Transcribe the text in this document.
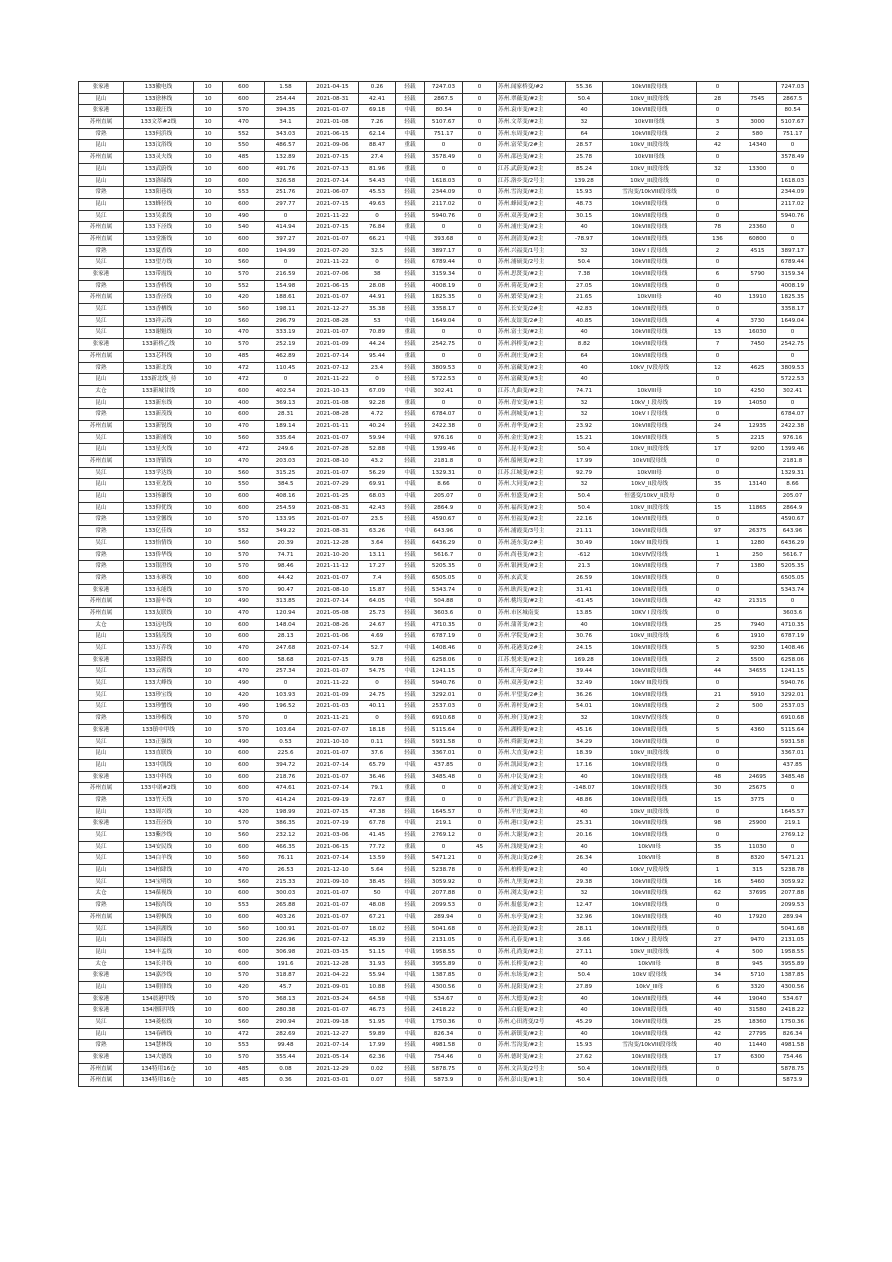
张家港	133徽电线	10	600	1.58	2021-04-15	0.26	轻载	7247.03	0	苏州.闻家桥变/#2	55.36	10kVIII段母线	0		7247.03
昆山	133徐林线	10	600	254.44	2021-08-31	42.41	轻载	2867.5	0	苏州.翠薇变/#2主	50.4	10kV_III段母线	28	7545	2867.5
张家港	133戴汪线	10	570	394.35	2021-01-07	69.18	中载	80.54	0	苏州.袁市变/#2主	40	10kVIII段母线	0		80.54
苏州直属	133文萃#2线	10	470	34.1	2021-01-08	7.26	轻载	5107.67	0	苏州.文萃变/#2主	32	10kVIII母线	3	3000	5107.67
常熟	133何浜线	10	552	343.03	2021-06-15	62.14	中载	751.17	0	苏州.东周变/#2主	64	10kVIII段母线	2	580	751.17
昆山	133汶浴线	10	550	486.57	2021-09-06	88.47	重载	0	0	苏州.富荣变/2#主	28.57	10kV_III段母线	42	14340	0
苏州直属	133灵夫线	10	485	132.89	2021-07-15	27.4	轻载	3578.49	0	苏州.邵邑变/#2主	25.78	10kVIII母线	0		3578.49
昆山	133武蔚线	10	600	491.76	2021-07-13	81.96	重载	0	0	江苏.武蔚变/#2主	85.24	10kV_III段母线	32	13300	0
昆山	133洛绿线	10	600	326.58	2021-07-14	54.43	中载	1618.03	0	江苏.洛乡变/2号主	139.28	10kV_III段母线	0		1618.03
常熟	133阳巷线	10	553	251.76	2021-06-07	45.53	轻载	2344.09	0	苏州.雪沟变/#2主	15.93	雪沟变/10kVIII段母线	0		2344.09
昆山	133蜂径线	10	600	297.77	2021-07-15	49.63	轻载	2117.02	0	苏州.蜂园变/#2主	48.73	10kVIII段母线	0		2117.02
吴江	133吴柔线	10	490	0	2021-11-22	0	轻载	5940.76	0	苏州.双善变/#2主	30.15	10kVIII段母线	0		5940.76
苏州直属	133下泾线	10	540	414.94	2021-07-15	76.84	重载	0	0	苏州.浦庄变/#2主	40	10kVIII段母线	78	23360	0
苏州直属	133堂渐线	10	600	397.27	2021-01-07	66.21	中载	393.68	0	苏州.润清变/#2主	-78.97	10kVIII段母线	136	60800	0
常熟	133夏香线	10	600	194.99	2021-07-20	32.5	轻载	3897.17	0	苏州.兴福变/1号主	32	10kV I 段母线	2	4515	3897.17
吴江	133望方线	10	560	0	2021-11-22	0	轻载	6789.44	0	苏州.浦硕变/2号主	50.4	10kVIII段母线	0		6789.44
张家港	133带霞线	10	570	216.59	2021-07-06	38	轻载	3159.34	0	苏州.思贤变/#2主	7.38	10kVIII段母线	6	5790	3159.34
常熟	133香桥线	10	552	154.98	2021-06-15	28.08	轻载	4008.19	0	苏州.荷花变/#2主	27.05	10kVIII段母线	0		4008.19
苏州直属	133香泾线	10	420	188.61	2021-01-07	44.91	轻载	1825.35	0	苏州.繁荣变/#2主	21.65	10kVIII母	40	13910	1825.35
吴江	133香栖线	10	560	198.11	2021-12-27	35.38	轻载	3358.17	0	苏州.长安变/2#主	42.83	10kVIII段母线	0		3358.17
吴江	133祥云线	10	560	296.79	2021-08-28	53	中载	1649.04	0	苏州.友谊变/2#主	40.85	10kVIII段母线	4	3730	1649.04
吴江	133谢魁线	10	470	333.19	2021-01-07	70.89	重载	0	0	苏州.富士变/#2主	40	10kVIII段母线	13	16030	0
张家港	133新桥乙线	10	570	252.19	2021-01-09	44.24	轻载	2542.75	0	苏州.斜桥变/#2主	8.82	10kVIII段母线	7	7450	2542.75
苏州直属	133芯科线	10	485	462.89	2021-07-14	95.44	重载	0	0	苏州.润庄变/#2主	64	10kVIII段母线	0		0
常熟	133新北线	10	472	110.45	2021-07-12	23.4	轻载	3809.53	0	苏州.富藏变/#2主	40	10kV_IV段母线	12	4625	3809.53
昆山	133新北线_待	10	472	0	2021-11-22	0	轻载	5722.53	0	苏州.富藏变/#3主	40		0		5722.53
太仓	133新城甘线	10	600	402.54	2021-10-13	67.09	中载	302.41	0	江苏.九曲变/#2主	74.71	10kVIII母	10	4250	302.41
昆山	133新东线	10	400	369.13	2021-01-08	92.28	重载	0	0	苏州.青安变/#1主	32	10kV_I 段母线	19	14050	0
常熟	133新茂线	10	600	28.31	2021-08-28	4.72	轻载	6784.07	0	苏州.润城变/#1主	32	10kV I 段母线	0		6784.07
苏州直属	133新锐线	10	470	189.14	2021-01-11	40.24	轻载	2422.38	0	苏州.青华变/#2主	23.92	10kVIII段母线	24	12935	2422.38
吴江	133新浦线	10	560	335.64	2021-01-07	59.94	中载	976.16	0	苏州.金庄变/#2主	15.21	10kVIII段母线	5	2215	976.16
昆山	133星火线	10	472	249.6	2021-07-28	52.88	中载	1399.46	0	苏州.昆丰变/#2主	50.4	10kV_III段母线	17	9200	1399.46
苏州直属	133胥镇线	10	470	203.03	2021-08-10	43.2	轻载	2181.8	0	苏州.船闸变/#2主	17.99	10kVII段母线	0		2181.8
吴江	133学达线	10	560	315.25	2021-01-07	56.29	中载	1329.31	0	江苏.江城变/#2主	92.79	10kVIII母	0		1329.31
昆山	133亚龙线	10	550	384.5	2021-07-29	69.91	中载	8.66	0	苏州.大同变/#2主	32	10kV_II段母线	35	13140	8.66
昆山	133扬谦线	10	600	408.16	2021-01-25	68.03	中载	205.07	0	苏州.恒盛变/#2主	50.4	恒盛变/10kV_II段母	0		205.07
昆山	133仰优线	10	600	254.59	2021-08-31	42.43	轻载	2864.9	0	苏州.福西变/#2主	50.4	10kV_III段母线	15	11865	2864.9
常熟	133堂馨线	10	570	133.95	2021-01-07	23.5	轻载	4590.67	0	苏州.恒福变/#2主	22.16	10kVIII段母线	0		4590.67
常熟	133亿佳线	10	552	349.22	2021-08-31	63.26	中载	643.96	0	苏州.浦霞变/3号主	21.11	10kVIII段母线	97	26375	643.96
吴江	133怡情线	10	560	20.39	2021-12-28	3.64	轻载	6436.29	0	苏州.涟东变/2#主	30.49	10kV III段母线	1	1280	6436.29
常熟	133侨华线	10	570	74.71	2021-10-20	13.11	轻载	5616.7	0	苏州.尚巷变/#2主	-612	10kVIV段母线	1	250	5616.7
常熟	133银澄线	10	570	98.46	2021-11-12	17.27	轻载	5205.35	0	苏州.银洲变/#2主	21.3	10kVIII段母线	7	1380	5205.35
常熟	133永赛线	10	600	44.42	2021-01-07	7.4	轻载	6505.05	0	苏州.玄武变	26.59	10kVIII段母线	0		6505.05
张家港	133永能线	10	570	90.47	2021-08-10	15.87	轻载	5343.74	0	苏州.耿西变/#2主	31.41	10kVIII段母线	0		5343.74
苏州直属	133游车线	10	490	313.85	2021-07-14	64.05	中载	504.88	0	苏州.桃坞变/#2主	-61.45	10kVIII段母线	42	21315	0
苏州直属	133友联线	10	470	120.94	2021-05-08	25.73	轻载	3603.6	0	苏州.市区城南变	13.85	10KV I 段母线	0		3603.6
太仓	133远电线	10	600	148.04	2021-08-26	24.67	轻载	4710.35	0	苏州.蒲菁变/#2主	40	10kVIII段母线	25	7940	4710.35
昆山	133陆茂线	10	600	28.13	2021-01-06	4.69	轻载	6787.19	0	苏州.学院变/#2主	30.76	10kV_III段母线	6	1910	6787.19
吴江	133万乔线	10	470	247.68	2021-07-14	52.7	中载	1408.46	0	苏州.花港变/2#主	24.15	10kVIII段母线	5	9230	1408.46
张家港	133隆降线	10	600	58.68	2021-07-15	9.78	轻载	6258.06	0	江苏.悦来变/#2主	169.28	10kVIII段母线	2	5500	6258.06
吴江	133云霄线	10	470	257.34	2021-01-07	54.75	中载	1241.15	0	苏州.汇年变/2#主	39.44	10kVIII段母线	44	34655	1241.15
吴江	133大峰线	10	490	0	2021-11-22	0	轻载	5940.76	0	苏州.双善变/#2主	32.49	10kV III段母线	0		5940.76
吴江	133珍宝线	10	420	103.93	2021-01-09	24.75	轻载	3292.01	0	苏州.平望变/2#主	36.26	10kVIII段母线	21	5910	3292.01
吴江	133珍蟹线	10	490	196.52	2021-01-03	40.11	轻载	2537.03	0	苏州.菁村变/#2主	54.01	10kVIII段母线	2	500	2537.03
常熟	133珍梅线	10	570	0	2021-11-21	0	轻载	6910.68	0	苏州.珍门变/#2主	32	10kVIV段母线	0		6910.68
张家港	133镇中甲线	10	570	103.64	2021-07-07	18.18	轻载	5115.64	0	苏州.湖桥变/#2主	45.16	10kVIII段母线	5	4360	5115.64
吴江	133正强线	10	490	0.53	2021-10-10	0.11	轻载	5931.58	0	苏州.舜新变/#2主	34.29	10kVIII段母线	0		5931.58
昆山	133直联线	10	600	225.6	2021-01-07	37.6	轻载	3367.01	0	苏州.大直变/#2主	18.39	10kV_III段母线	0		3367.01
昆山	133中凯线	10	600	394.72	2021-07-14	65.79	中载	437.85	0	苏州.凯园变/#2主	17.16	10kVIII段母线	0		437.85
张家港	133中科线	10	600	218.76	2021-01-07	36.46	轻载	3485.48	0	苏州.中民变/#2主	40	10kVIII段母线	48	24695	3485.48
苏州直属	133中诺#2线	10	600	474.61	2021-07-14	79.1	重载	0	0	苏州.浦安变/#2主	-148.07	10kVIII段母线	30	25675	0
常熟	133竹天线	10	570	414.24	2021-09-19	72.67	重载	0	0	苏州.广浩变/#2主	48.86	10kVIII段母线	15	3775	0
昆山	133周兴线	10	420	198.99	2021-07-15	47.38	轻载	1645.57	0	苏州.平庄变/#2主	40	10kV_III段母线	0		1645.57
张家港	133荘泾线	10	570	386.35	2021-07-19	67.78	中载	219.1	0	苏州.港口变/#2主	25.31	10kVIII段母线	98	25900	219.1
吴江	133紫沙线	10	560	232.12	2021-03-06	41.45	轻载	2769.12	0	苏州.大谢变/#2主	20.16	10kVIII段母线	0		2769.12
吴江	134安民线	10	600	466.35	2021-06-15	77.72	重载	0	45	苏州.浅埂变/#2主	40	10kVII母	35	11030	0
吴江	134白羊线	10	560	76.11	2021-07-14	13.59	轻载	5471.21	0	苏州.泷山变/2#主	26.34	10kVII母	8	8320	5471.21
昆山	134柏肆线	10	470	26.53	2021-12-10	5.64	轻载	5238.78	0	苏州.柏桥变/#2主	40	10kV_IV段母线	1	315	5238.78
吴江	134宝明线	10	560	215.33	2021-09-10	38.45	轻载	3059.92	0	苏州.九里变/#2主	29.38	10kVIII段母线	16	5460	3059.92
太仓	134葆视线	10	600	300.03	2021-01-07	50	中载	2077.88	0	苏州.浏太变/#2主	32	10kVIII段母线	62	37695	2077.88
常熟	134报尚线	10	553	265.88	2021-01-07	48.08	轻载	2099.53	0	苏州.报慈变/#2主	12.47	10kVIII段母线	0		2099.53
苏州直属	134碧枫线	10	600	403.26	2021-01-07	67.21	中载	289.94	0	苏州.东亭变/#2主	32.96	10kVIII段母线	40	17920	289.94
吴江	134滨湖线	10	560	100.91	2021-01-07	18.02	轻载	5041.68	0	苏州.沧浪变/#2主	28.11	10kVIII段母线	0		5041.68
昆山	134滨绿线	10	500	226.96	2021-07-12	45.39	轻载	2131.05	0	苏州.孔春变/#1主	3.66	10kV_I 段母线	27	9470	2131.05
昆山	134丰孟线	10	600	306.98	2021-03-15	51.15	中载	1958.55	0	苏州.孔尚变/#2主	27.11	10kV_III段母线	4	500	1958.55
太仓	134长井线	10	600	191.6	2021-12-28	31.93	轻载	3955.89	0	苏州.长桥变/#2主	40	10kVII母	8	945	3955.89
张家港	134嘉沙线	10	570	318.87	2021-04-22	55.94	中载	1387.85	0	苏州.东场变/#2主	50.4	10kV I段母线	34	5710	1387.85
昆山	134朝律线	10	420	45.7	2021-09-01	10.88	轻载	4300.56	0	苏州.昆阳变/#2主	27.89	10kV_III母	6	3320	4300.56
张家港	134晨港甲线	10	570	368.13	2021-03-24	64.58	中载	534.67	0	苏州.大德变/#2主	40	10kVIII段母线	44	19040	534.67
张家港	134滑阳甲线	10	600	280.38	2021-01-07	46.73	轻载	2418.22	0	苏州.白鹿变/#2主	40	10kVIII段母线	40	31580	2418.22
吴江	134菱松线	10	560	290.94	2021-09-18	51.95	中载	1750.36	0	苏州.心田湾变/2号	45.29	10kVIII段母线	25	18360	1750.36
昆山	134春碑线	10	472	282.69	2021-12-27	59.89	中载	826.34	0	苏州.新镇变/#2主	40	10kVIII段母线	42	27795	826.34
常熟	134慧林线	10	553	99.48	2021-07-14	17.99	轻载	4981.58	0	苏州.雪沟变/#2主	15.93	雪沟变/10kVIII段母线	40	11440	4981.58
张家港	134大德线	10	570	355.44	2021-05-14	62.36	中载	754.46	0	苏州.德时变/#2主	27.62	10kVIII段母线	17	6300	754.46
苏州直属	134特用16仓	10	485	0.08	2021-12-29	0.02	轻载	5878.75	0	苏州.文昌变/2号主	50.4	10kVIII段母线	0		5878.75
苏州直属	134特用16仓	10	485	0.36	2021-03-01	0.07	轻载	5873.9	0	苏州.彭山变/#1主	50.4	10kVIII段母线	0		5873.9
